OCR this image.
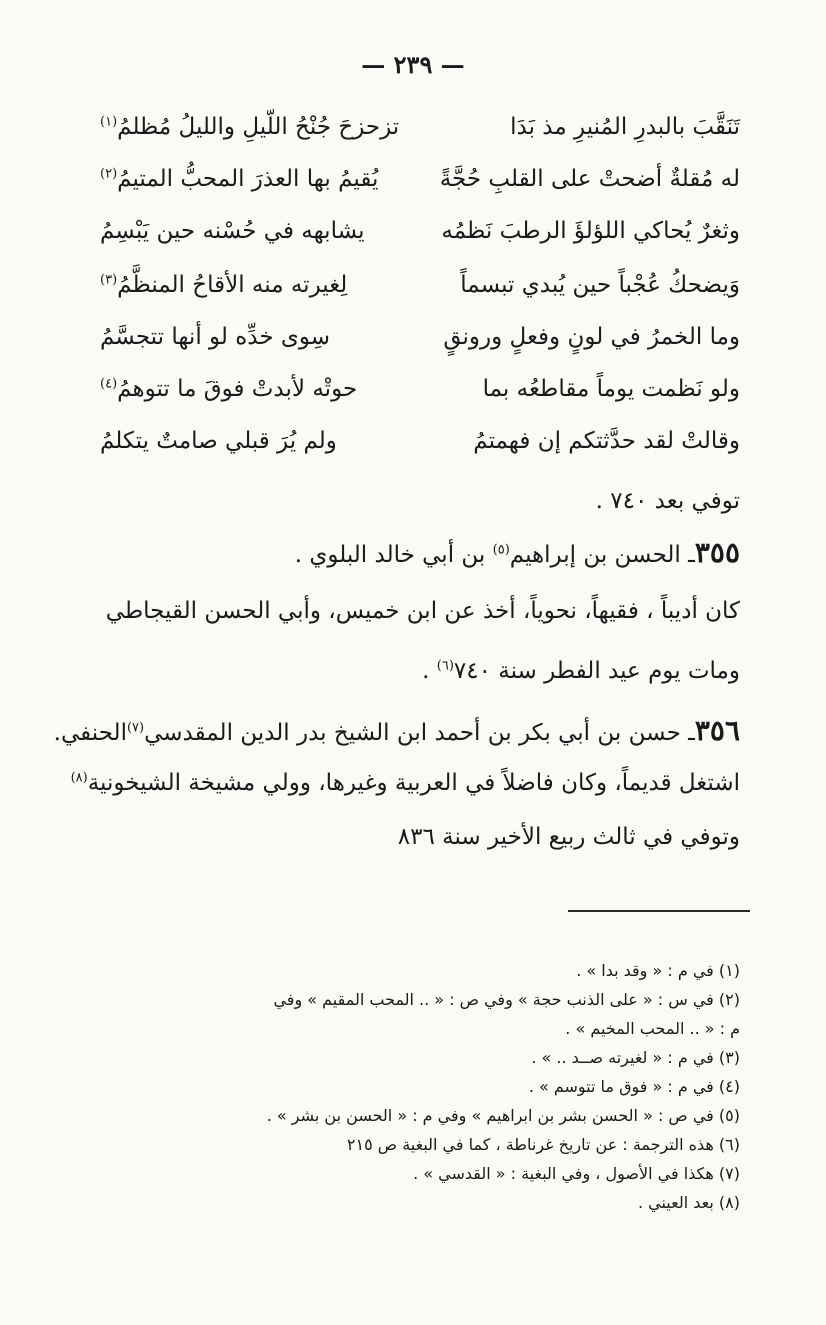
— ٢٣٩ —
تَنَقَّبَ بالبدرِ المُنيرِ مذ بَدَا
تزحزحَ جُنْحُ اللّيلِ والليلُ مُظلمُ$^{(١)}$
له مُقلةٌ أضحتْ على القلبِ حُجَّةً
يُقيمُ بها العذرَ المحبُّ المتيمُ$^{(٢)}$
وثغرٌ يُحاكي اللؤلؤَ الرطبَ نَظمُه
يشابهه في حُسْنه حين يَبْسِمُ
وَيضحكُ عُجْباً حين يُبدي تبسماً
لِغيرته منه الأقاحُ المنظَّمُ$^{(٣)}$
وما الخمرُ في لونٍ وفعلٍ ورونقٍ
سِوى خدِّه لو أنها تتجسَّمُ
ولو نَظمت يوماً مقاطعُه بما
حوتْه لأبدتْ فوقَ ما تتوهمُ$^{(٤)}$
وقالتْ لقد حدَّثتكم إن فهمتمُ
ولم يُرَ قبلي صامتٌ يتكلمُ
توفي بعد ٧٤٠ .
٣٥٥ـ الحسن بن إبراهيم$^{(٥)}$ بن أبي خالد البلوي .
كان أديباً ، فقيهاً، نحوياً، أخذ عن ابن خميس، وأبي الحسن القيجاطي
ومات يوم عيد الفطر سنة ٧٤٠$^{(٦)}$ .
٣٥٦ـ حسن بن أبي بكر بن أحمد ابن الشيخ بدر الدين المقدسي$^{(٧)}$الحنفي.
اشتغل قديماً، وكان فاضلاً في العربية وغيرها، وولي مشيخة الشيخونية$^{(٨)}$
وتوفي في ثالث ربيع الأخير سنة ٨٣٦
(١) في م : « وقد بدا » .
(٢) في س : « على الذنب حجة » وفي ص : « .. المحب المقيم » وفي
م : « .. المحب المخيم » .
(٣) في م : « لغيرته صــد .. » .
(٤) في م : « فوق ما تتوسم » .
(٥) في ص : « الحسن بشر بن ابراهيم » وفي م : « الحسن بن بشر » .
(٦) هذه الترجمة : عن تاريخ غرناطة ، كما في البغية ص ٢١٥
(٧) هكذا في الأصول ، وفي البغية : « القدسي » .
(٨) بعد العيني .
